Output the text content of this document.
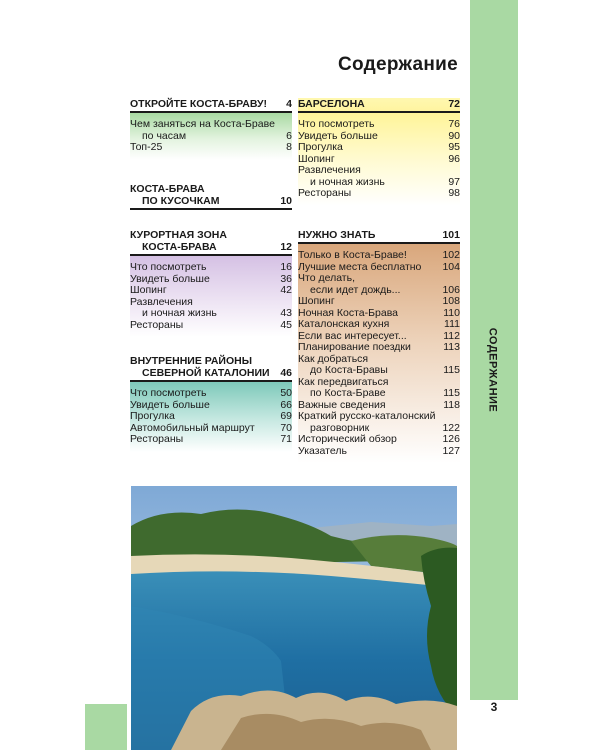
СОДЕРЖАНИЕ
3
Содержание
ОТКРОЙТЕ КОСТА-БРАВУ!	4
Чем заняться на Коста-Браве
по часам	6
Топ-25	8
КОСТА-БРАВА
ПО КУСОЧКАМ	10
КУРОРТНАЯ ЗОНА
КОСТА-БРАВА	12
Что посмотреть	16
Увидеть больше	36
Шопинг	42
Развлечения
и ночная жизнь	43
Рестораны	45
ВНУТРЕННИЕ РАЙОНЫ
СЕВЕРНОЙ КАТАЛОНИИ	46
Что посмотреть	50
Увидеть больше	66
Прогулка	69
Автомобильный маршрут	70
Рестораны	71
БАРСЕЛОНА	72
Что посмотреть	76
Увидеть больше	90
Прогулка	95
Шопинг	96
Развлечения
и ночная жизнь	97
Рестораны	98
НУЖНО ЗНАТЬ	101
Только в Коста-Браве!	102
Лучшие места бесплатно	104
Что делать,
если идет дождь...	106
Шопинг	108
Ночная Коста-Брава	110
Каталонская кухня	111
Если вас интересует...	112
Планирование поездки	113
Как добраться
до Коста-Бравы	115
Как передвигаться
по Коста-Браве	115
Важные сведения	118
Краткий русско-каталонский
разговорник	122
Исторический обзор	126
Указатель	127
